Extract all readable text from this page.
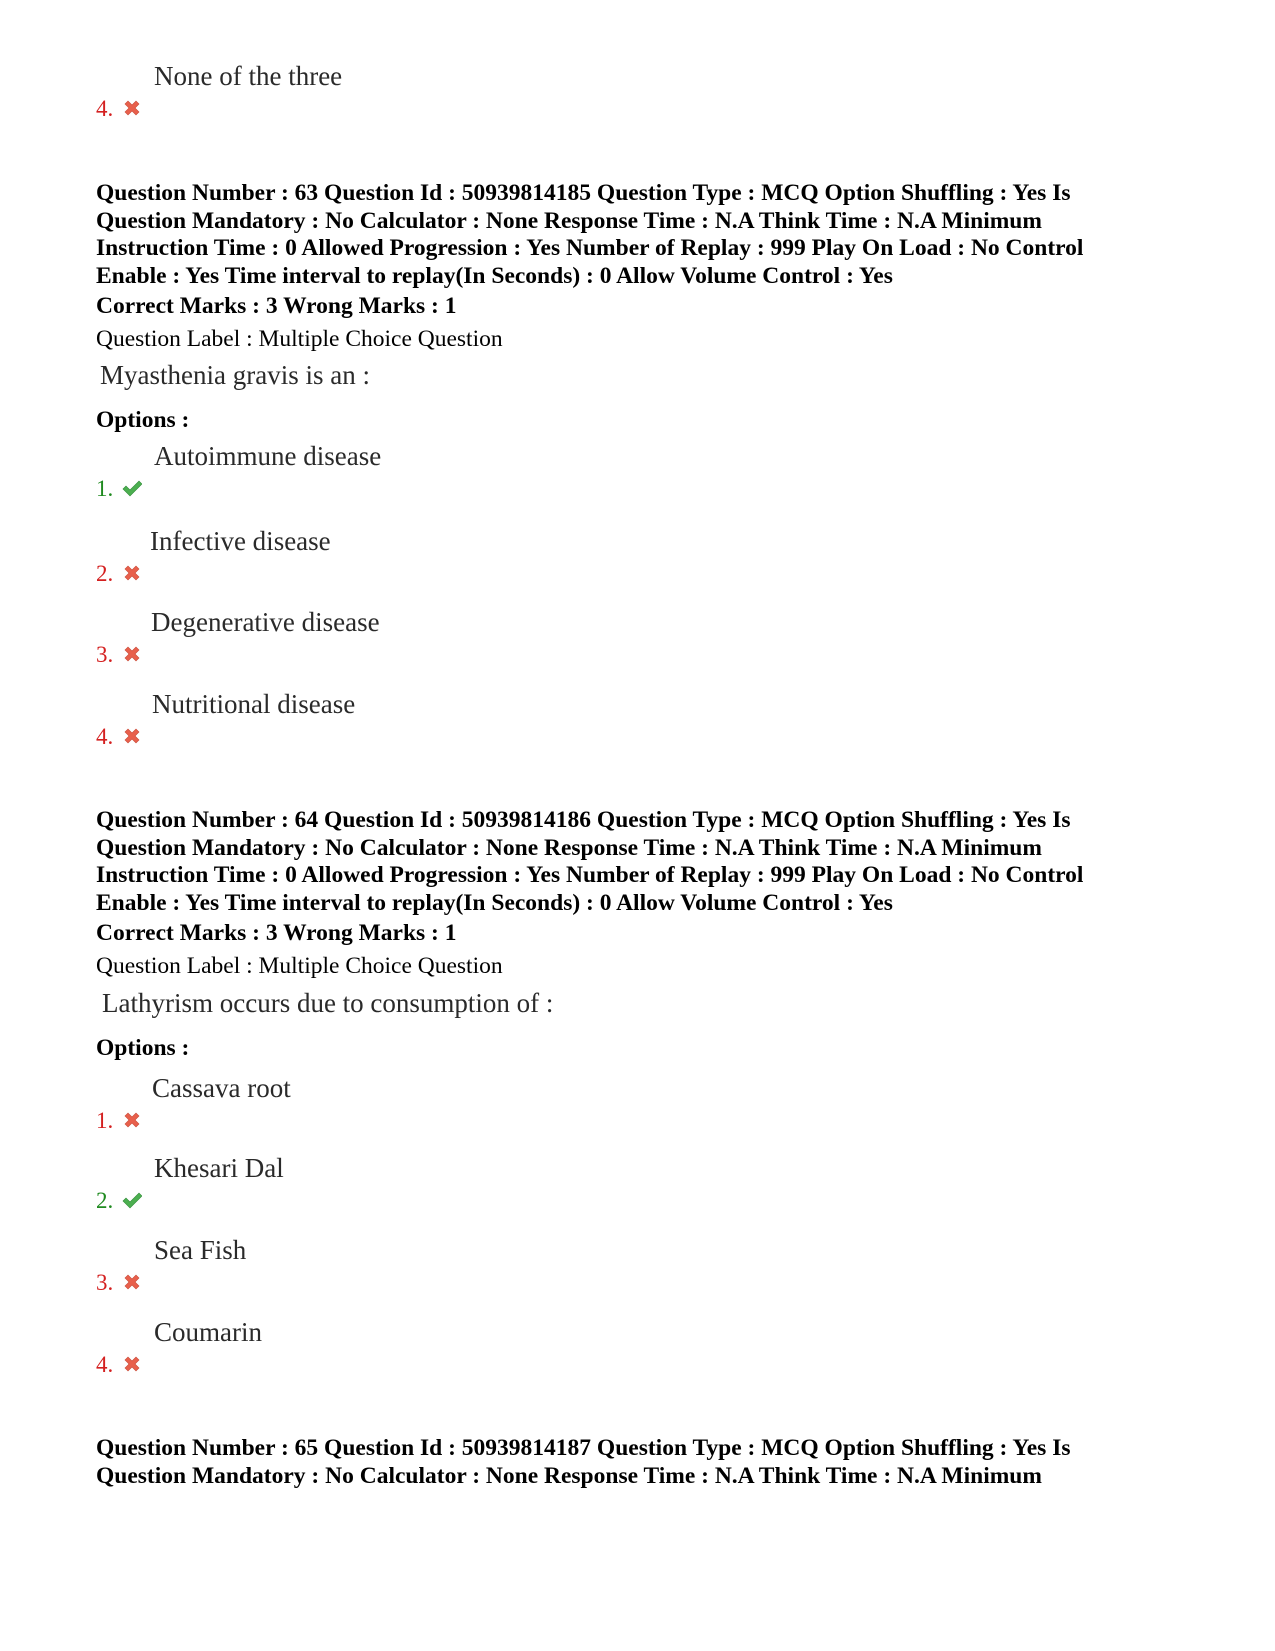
4.
None of the three
Question Number : 63 Question Id : 50939814185 Question Type : MCQ Option Shuffling : Yes Is
Question Mandatory : No Calculator : None Response Time : N.A Think Time : N.A Minimum
Instruction Time : 0 Allowed Progression : Yes Number of Replay : 999 Play On Load : No Control
Enable : Yes Time interval to replay(In Seconds) : 0 Allow Volume Control : Yes
Correct Marks : 3 Wrong Marks : 1
Question Label : Multiple Choice Question
Myasthenia gravis is an :
Options :
1.
Autoimmune disease
2.
Infective disease
3.
Degenerative disease
4.
Nutritional disease
Question Number : 64 Question Id : 50939814186 Question Type : MCQ Option Shuffling : Yes Is
Question Mandatory : No Calculator : None Response Time : N.A Think Time : N.A Minimum
Instruction Time : 0 Allowed Progression : Yes Number of Replay : 999 Play On Load : No Control
Enable : Yes Time interval to replay(In Seconds) : 0 Allow Volume Control : Yes
Correct Marks : 3 Wrong Marks : 1
Question Label : Multiple Choice Question
Lathyrism occurs due to consumption of :
Options :
1.
Cassava root
2.
Khesari Dal
3.
Sea Fish
4.
Coumarin
Question Number : 65 Question Id : 50939814187 Question Type : MCQ Option Shuffling : Yes Is
Question Mandatory : No Calculator : None Response Time : N.A Think Time : N.A Minimum
